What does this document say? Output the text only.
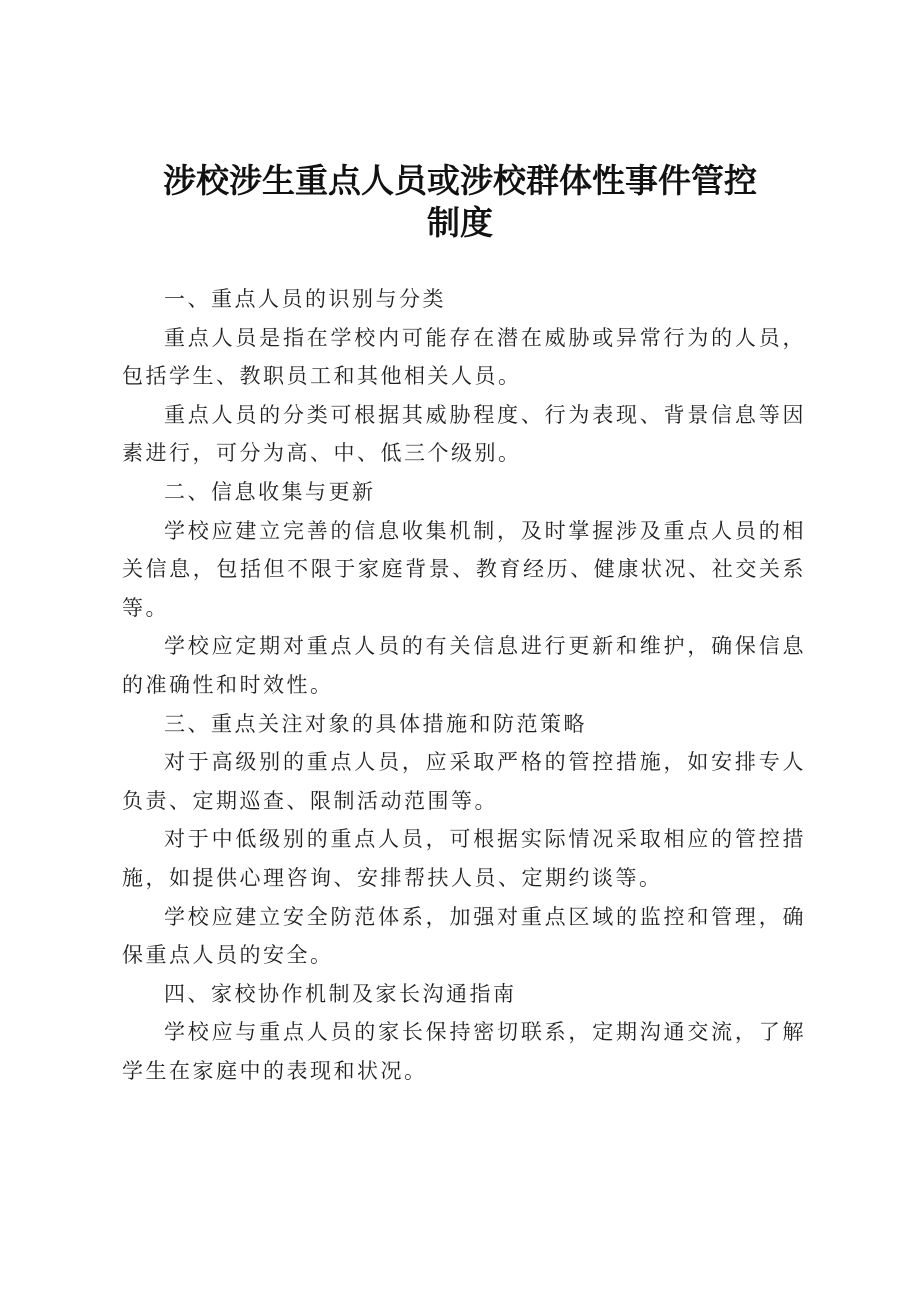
涉校涉生重点人员或涉校群体性事件管控制度

一、重点人员的识别与分类

重点人员是指在学校内可能存在潜在威胁或异常行为的人员，包括学生、教职员工和其他相关人员。

重点人员的分类可根据其威胁程度、行为表现、背景信息等因素进行，可分为高、中、低三个级别。

二、信息收集与更新

学校应建立完善的信息收集机制，及时掌握涉及重点人员的相关信息，包括但不限于家庭背景、教育经历、健康状况、社交关系等。

学校应定期对重点人员的有关信息进行更新和维护，确保信息的准确性和时效性。

三、重点关注对象的具体措施和防范策略

对于高级别的重点人员，应采取严格的管控措施，如安排专人负责、定期巡查、限制活动范围等。

对于中低级别的重点人员，可根据实际情况采取相应的管控措施，如提供心理咨询、安排帮扶人员、定期约谈等。

学校应建立安全防范体系，加强对重点区域的监控和管理，确保重点人员的安全。

四、家校协作机制及家长沟通指南

学校应与重点人员的家长保持密切联系，定期沟通交流，了解学生在家庭中的表现和状况。
